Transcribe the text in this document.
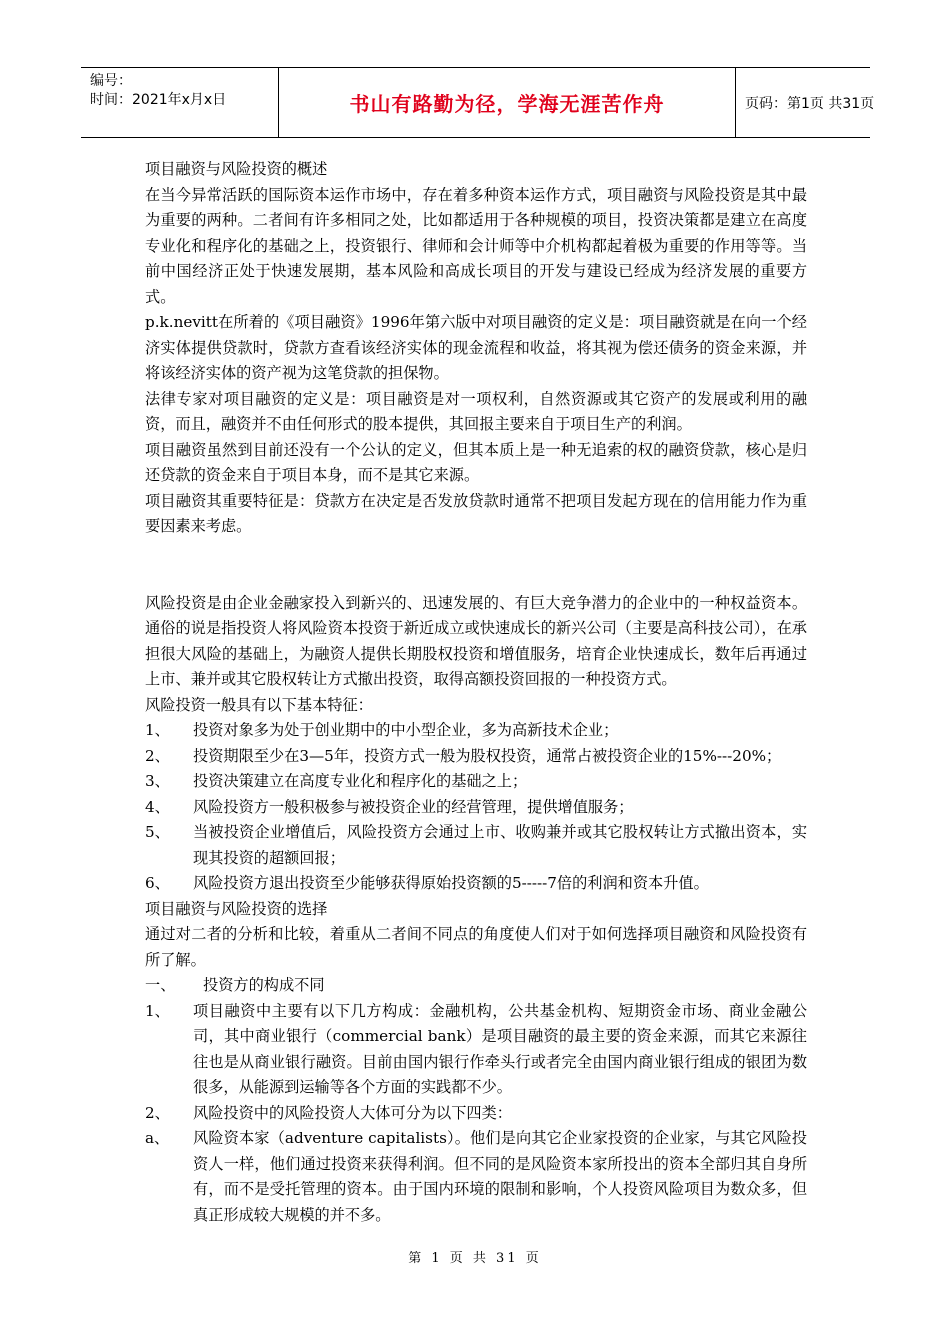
编号：
时间：2021年x月x日	书山有路勤为径，学海无涯苦作舟	页码：第1页 共31页

项目融资与风险投资的概述

在当今异常活跃的国际资本运作市场中，存在着多种资本运作方式，项目融资与风险投资是其中最为重要的两种。二者间有许多相同之处，比如都适用于各种规模的项目，投资决策都是建立在高度专业化和程序化的基础之上，投资银行、律师和会计师等中介机构都起着极为重要的作用等等。当前中国经济正处于快速发展期，基本风险和高成长项目的开发与建设已经成为经济发展的重要方式。

p.k.nevitt在所着的《项目融资》1996年第六版中对项目融资的定义是：项目融资就是在向一个经济实体提供贷款时，贷款方查看该经济实体的现金流程和收益，将其视为偿还债务的资金来源，并将该经济实体的资产视为这笔贷款的担保物。

法律专家对项目融资的定义是：项目融资是对一项权利，自然资源或其它资产的发展或利用的融资，而且，融资并不由任何形式的股本提供，其回报主要来自于项目生产的利润。

项目融资虽然到目前还没有一个公认的定义，但其本质上是一种无追索的权的融资贷款，核心是归还贷款的资金来自于项目本身，而不是其它来源。

项目融资其重要特征是：贷款方在决定是否发放贷款时通常不把项目发起方现在的信用能力作为重要因素来考虑。

风险投资是由企业金融家投入到新兴的、迅速发展的、有巨大竞争潜力的企业中的一种权益资本。通俗的说是指投资人将风险资本投资于新近成立或快速成长的新兴公司（主要是高科技公司），在承担很大风险的基础上，为融资人提供长期股权投资和增值服务，培育企业快速成长，数年后再通过上市、兼并或其它股权转让方式撤出投资，取得高额投资回报的一种投资方式。

风险投资一般具有以下基本特征：

1、	投资对象多为处于创业期中的中小型企业，多为高新技术企业；
2、	投资期限至少在3—5年，投资方式一般为股权投资，通常占被投资企业的15%---20%；
3、	投资决策建立在高度专业化和程序化的基础之上；
4、	风险投资方一般积极参与被投资企业的经营管理，提供增值服务；
5、	当被投资企业增值后，风险投资方会通过上市、收购兼并或其它股权转让方式撤出资本，实现其投资的超额回报；
6、	风险投资方退出投资至少能够获得原始投资额的5-----7倍的利润和资本升值。

项目融资与风险投资的选择

通过对二者的分析和比较，着重从二者间不同点的角度使人们对于如何选择项目融资和风险投资有所了解。

一、	投资方的构成不同
1、	项目融资中主要有以下几方构成：金融机构，公共基金机构、短期资金市场、商业金融公司，其中商业银行（commercial bank）是项目融资的最主要的资金来源，而其它来源往往也是从商业银行融资。目前由国内银行作牵头行或者完全由国内商业银行组成的银团为数很多，从能源到运输等各个方面的实践都不少。
2、	风险投资中的风险投资人大体可分为以下四类：
a、	风险资本家（adventure capitalists）。他们是向其它企业家投资的企业家，与其它风险投资人一样，他们通过投资来获得利润。但不同的是风险资本家所投出的资本全部归其自身所有，而不是受托管理的资本。由于国内环境的限制和影响，个人投资风险项目为数众多，但真正形成较大规模的并不多。
第 1 页 共 31 页
